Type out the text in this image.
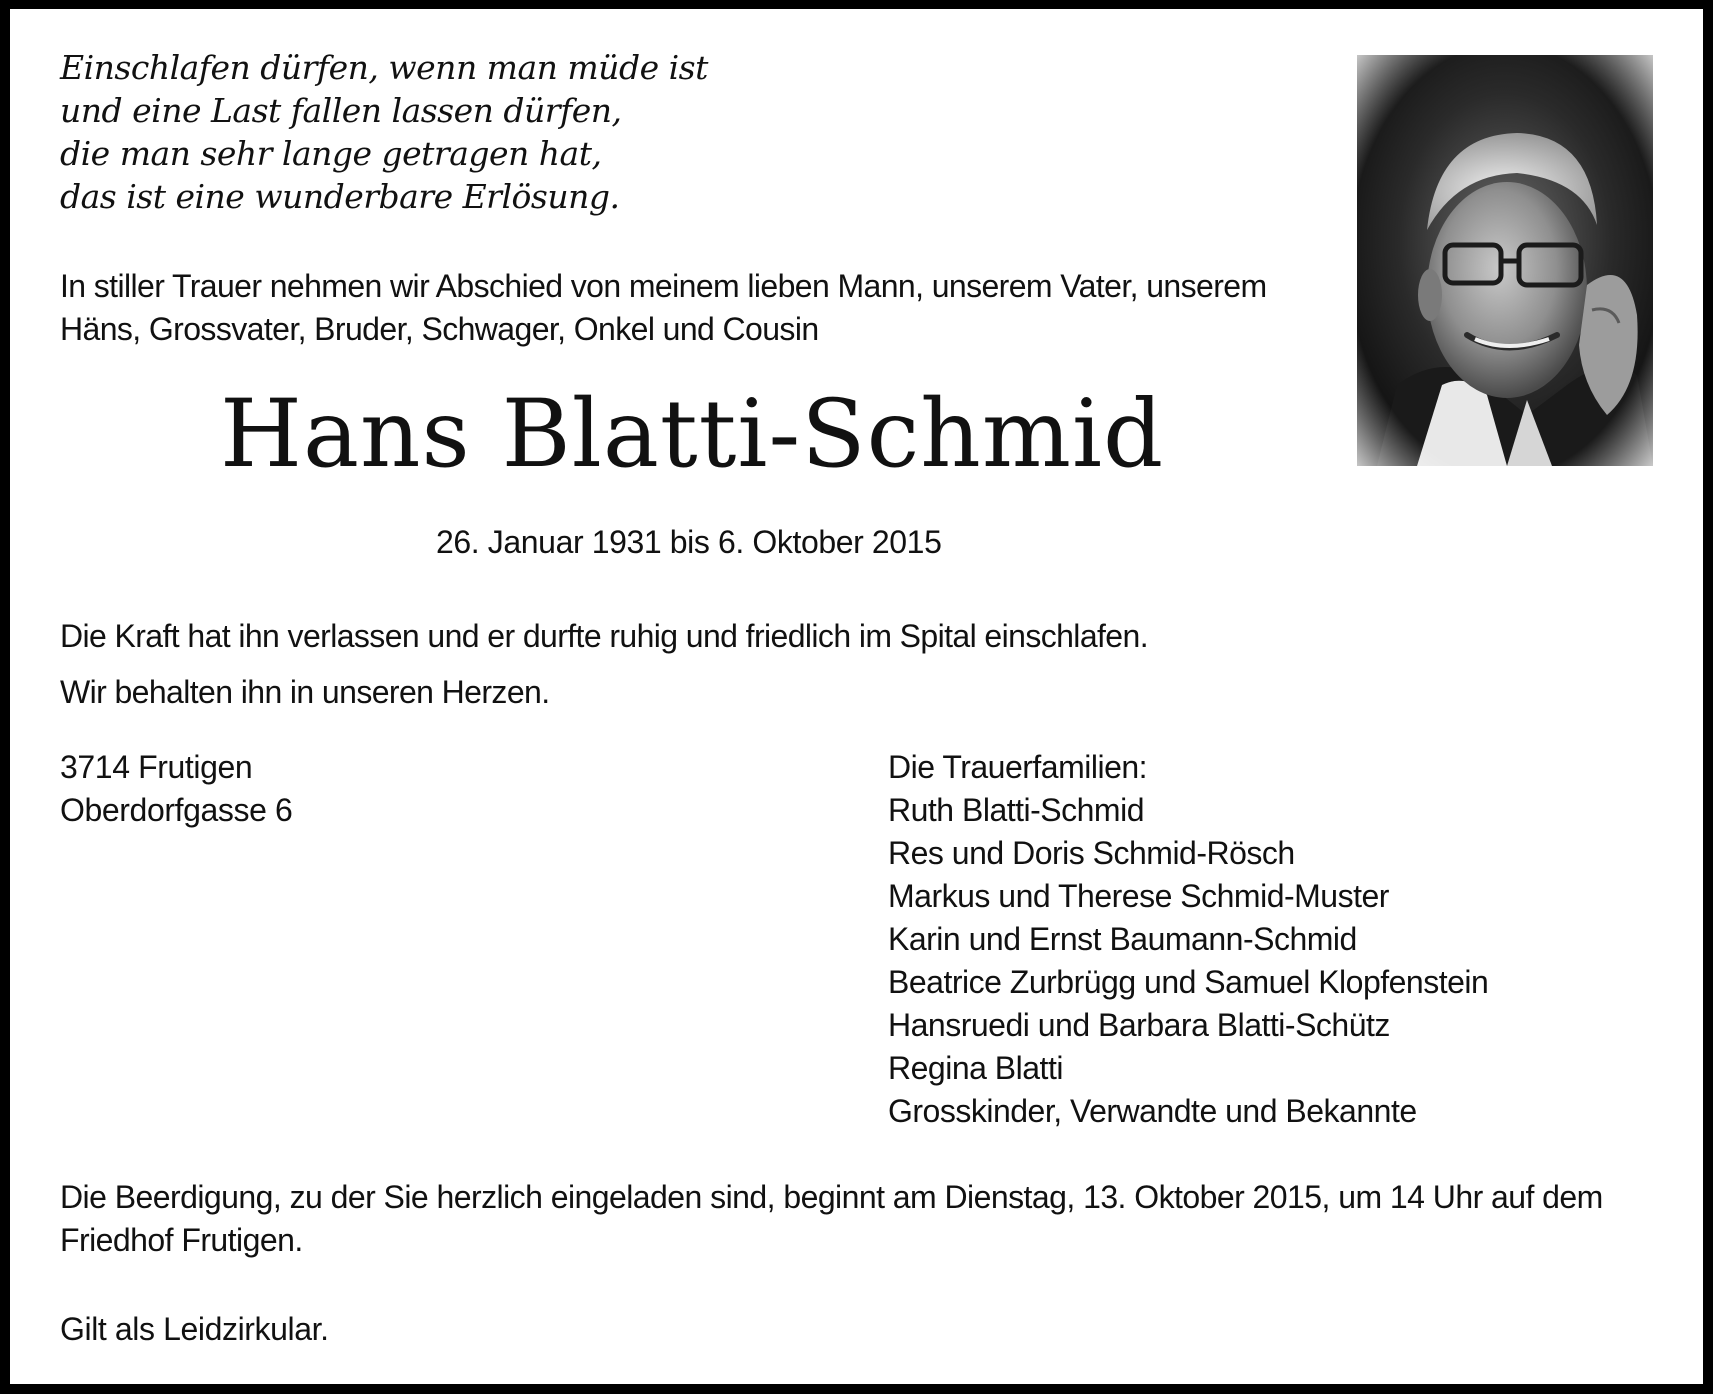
Einschlafen dürfen, wenn man müde ist
und eine Last fallen lassen dürfen,
die man sehr lange getragen hat,
das ist eine wunderbare Erlösung.
In stiller Trauer nehmen wir Abschied von meinem lieben Mann, unserem Vater, unserem Häns, Grossvater, Bruder, Schwager, Onkel und Cousin
Hans Blatti-Schmid
26. Januar 1931 bis 6. Oktober 2015
Die Kraft hat ihn verlassen und er durfte ruhig und friedlich im Spital einschlafen.
Wir behalten ihn in unseren Herzen.
3714 Frutigen
Oberdorfgasse 6
Die Trauerfamilien:
Ruth Blatti-Schmid
Res und Doris Schmid-Rösch
Markus und Therese Schmid-Muster
Karin und Ernst Baumann-Schmid
Beatrice Zurbrügg und Samuel Klopfenstein
Hansruedi und Barbara Blatti-Schütz
Regina Blatti
Grosskinder, Verwandte und Bekannte
Die Beerdigung, zu der Sie herzlich eingeladen sind, beginnt am Dienstag, 13. Oktober 2015, um 14 Uhr auf dem Friedhof Frutigen.
Gilt als Leidzirkular.
